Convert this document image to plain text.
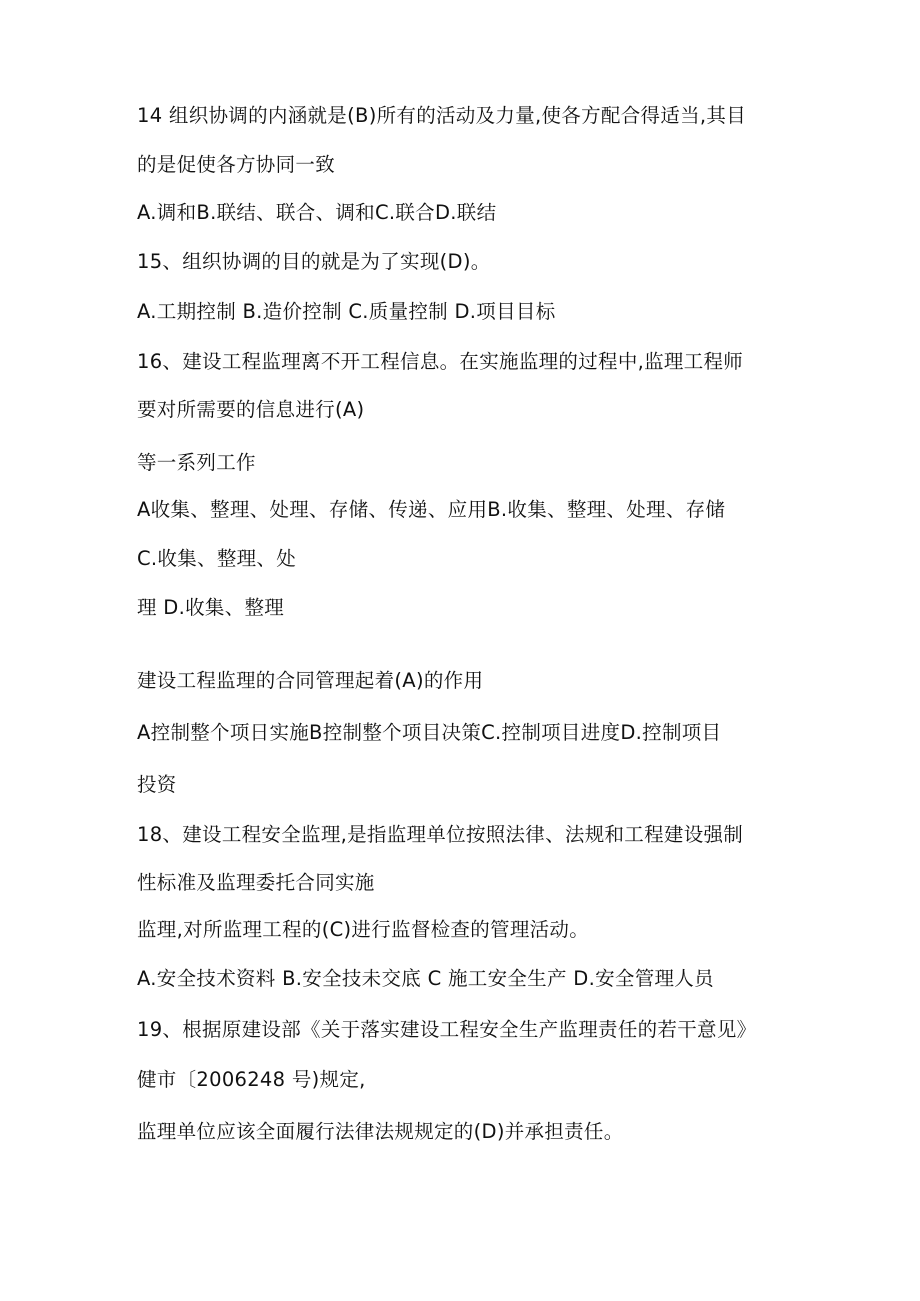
14 组织协调的内涵就是(B)所有的活动及力量,使各方配合得适当,其目
的是促使各方协同一致
A.调和B.联结、联合、调和C.联合D.联结
15、组织协调的目的就是为了实现(D)。
A.工期控制 B.造价控制 C.质量控制 D.项目目标
16、建设工程监理离不开工程信息。在实施监理的过程中,监理工程师
要对所需要的信息进行(A)
等一系列工作
A收集、整理、处理、存储、传递、应用B.收集、整理、处理、存储
C.收集、整理、处
理 D.收集、整理
建设工程监理的合同管理起着(A)的作用
A控制整个项日实施B控制整个项目决策C.控制项目进度D.控制项目
投资
18、建设工程安全监理,是指监理单位按照法律、法规和工程建设强制
性标准及监理委托合同实施
监理,对所监理工程的(C)进行监督检查的管理活动。
A.安全技术资料 B.安全技未交底 C 施工安全生产 D.安全管理人员
19、根据原建设部《关于落实建设工程安全生产监理责任的若干意见》
健市〔2006248 号)规定,
监理单位应该全面履行法律法规规定的(D)并承担责任。
